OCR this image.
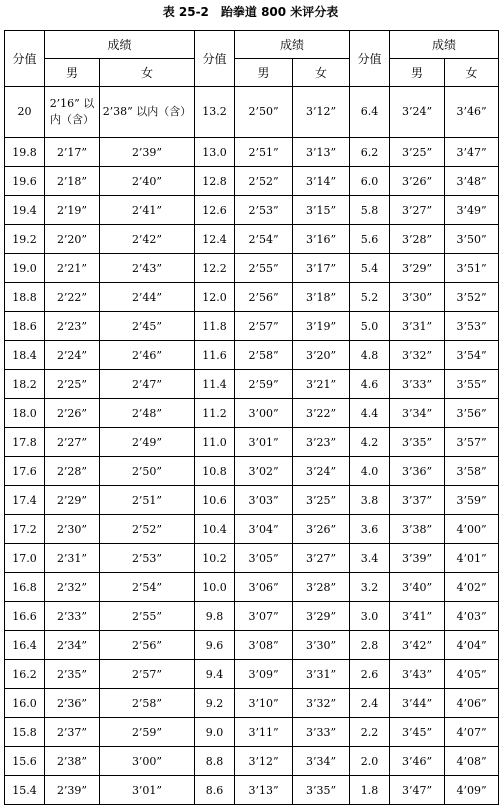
表 25-2　跆拳道 800 米评分表
分值	成绩		分值	成绩		分值	成绩	
	男	女		男	女		男	女
20	2’16” 以内（含）	2’38” 以内（含）	13.2	2’50”	3’12”	6.4	3’24”	3’46”
19.8	2’17”	2’39”	13.0	2’51”	3’13”	6.2	3’25”	3’47”
19.6	2’18”	2’40”	12.8	2’52”	3’14”	6.0	3’26”	3’48”
19.4	2’19”	2’41”	12.6	2’53”	3’15”	5.8	3’27”	3’49”
19.2	2’20”	2’42”	12.4	2’54”	3’16”	5.6	3’28”	3’50”
19.0	2’21”	2’43”	12.2	2’55”	3’17”	5.4	3’29”	3’51”
18.8	2’22”	2’44”	12.0	2’56”	3’18”	5.2	3’30”	3’52”
18.6	2’23”	2’45”	11.8	2’57”	3’19”	5.0	3’31”	3’53”
18.4	2’24”	2’46”	11.6	2’58”	3’20”	4.8	3’32”	3’54”
18.2	2’25”	2’47”	11.4	2’59”	3’21”	4.6	3’33”	3’55”
18.0	2’26”	2’48”	11.2	3’00”	3’22”	4.4	3’34”	3’56”
17.8	2’27”	2’49”	11.0	3’01”	3’23”	4.2	3’35”	3’57”
17.6	2’28”	2’50”	10.8	3’02”	3’24”	4.0	3’36”	3’58”
17.4	2’29”	2’51”	10.6	3’03”	3’25”	3.8	3’37”	3’59”
17.2	2’30”	2’52”	10.4	3’04”	3’26”	3.6	3’38”	4’00”
17.0	2’31”	2’53”	10.2	3’05”	3’27”	3.4	3’39”	4’01”
16.8	2’32”	2’54”	10.0	3’06”	3’28”	3.2	3’40”	4’02”
16.6	2’33”	2’55”	9.8	3’07”	3’29”	3.0	3’41”	4’03”
16.4	2’34”	2’56”	9.6	3’08”	3’30”	2.8	3’42”	4’04”
16.2	2’35”	2’57”	9.4	3’09”	3’31”	2.6	3’43”	4’05”
16.0	2’36”	2’58”	9.2	3’10”	3’32”	2.4	3’44”	4’06”
15.8	2’37”	2’59”	9.0	3’11”	3’33”	2.2	3’45”	4’07”
15.6	2’38”	3’00”	8.8	3’12”	3’34”	2.0	3’46”	4’08”
15.4	2’39”	3’01”	8.6	3’13”	3’35”	1.8	3’47”	4’09”
